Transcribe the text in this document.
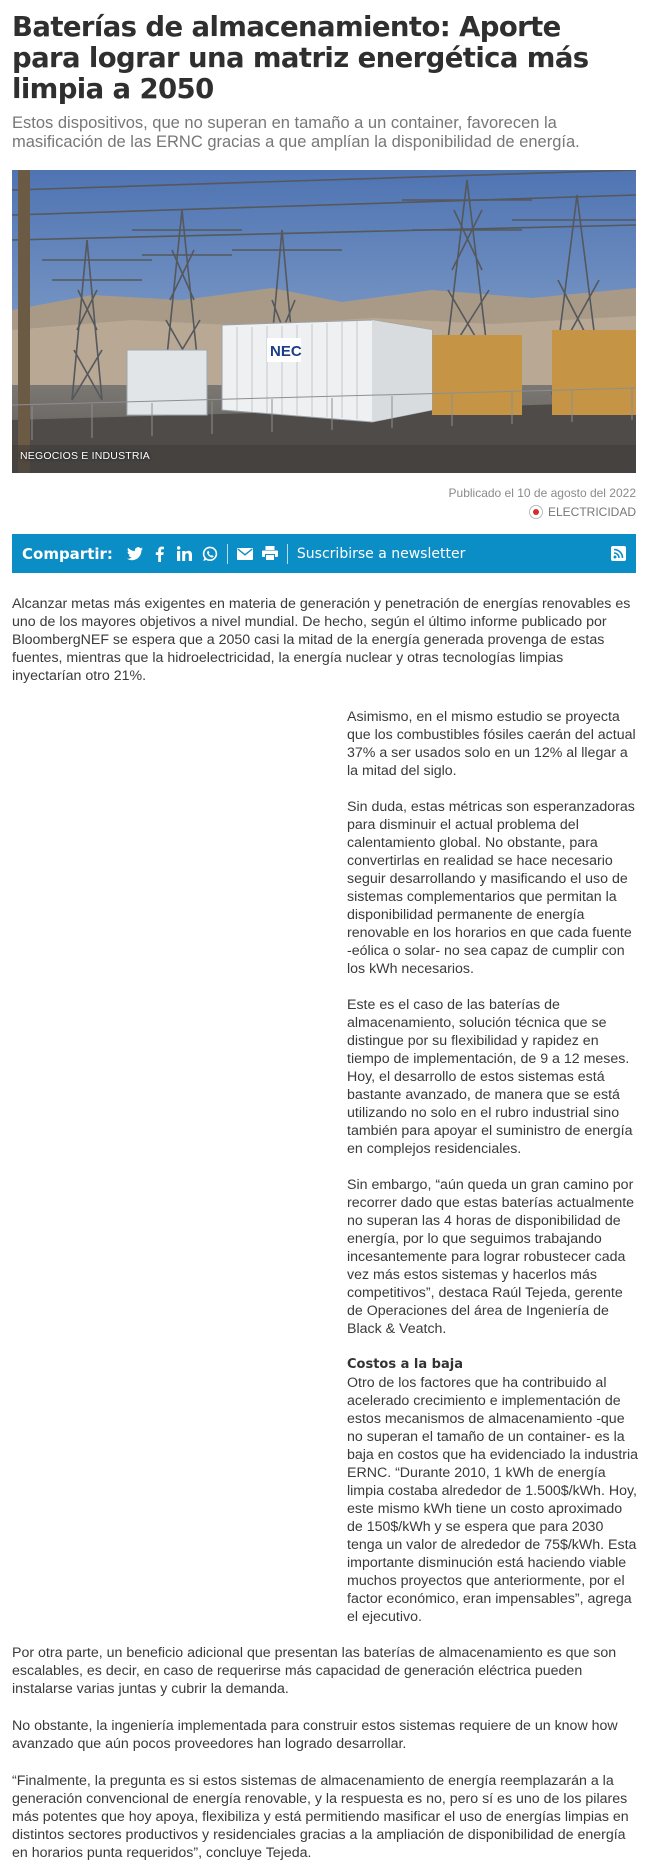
Baterías de almacenamiento: Aporte para lograr una matriz energética más limpia a 2050

Estos dispositivos, que no superan en tamaño a un container, favorecen la masificación de las ERNC gracias a que amplían la disponibilidad de energía.

NEC
NEGOCIOS E INDUSTRIA
Publicado el 10 de agosto del 2022
ELECTRICIDAD
Compartir:	Suscribirse a newsletter

Alcanzar metas más exigentes en materia de generación y penetración de energías renovables es uno de los mayores objetivos a nivel mundial. De hecho, según el último informe publicado por BloombergNEF se espera que a 2050 casi la mitad de la energía generada provenga de estas fuentes, mientras que la hidroelectricidad, la energía nuclear y otras tecnologías limpias inyectarían otro 21%.

Asimismo, en el mismo estudio se proyecta que los combustibles fósiles caerán del actual 37% a ser usados solo en un 12% al llegar a la mitad del siglo.

Sin duda, estas métricas son esperanzadoras para disminuir el actual problema del calentamiento global. No obstante, para convertirlas en realidad se hace necesario seguir desarrollando y masificando el uso de sistemas complementarios que permitan la disponibilidad permanente de energía renovable en los horarios en que cada fuente -eólica o solar- no sea capaz de cumplir con los kWh necesarios.

Este es el caso de las baterías de almacenamiento, solución técnica que se distingue por su flexibilidad y rapidez en tiempo de implementación, de 9 a 12 meses. Hoy, el desarrollo de estos sistemas está bastante avanzado, de manera que se está utilizando no solo en el rubro industrial sino también para apoyar el suministro de energía en complejos residenciales.

Sin embargo, “aún queda un gran camino por recorrer dado que estas baterías actualmente no superan las 4 horas de disponibilidad de energía, por lo que seguimos trabajando incesantemente para lograr robustecer cada vez más estos sistemas y hacerlos más competitivos”, destaca Raúl Tejeda, gerente de Operaciones del área de Ingeniería de Black & Veatch.

Costos a la baja
Otro de los factores que ha contribuido al acelerado crecimiento e implementación de estos mecanismos de almacenamiento -que no superan el tamaño de un container- es la baja en costos que ha evidenciado la industria ERNC. “Durante 2010, 1 kWh de energía limpia costaba alrededor de 1.500$/kWh. Hoy, este mismo kWh tiene un costo aproximado de 150$/kWh y se espera que para 2030 tenga un valor de alrededor de 75$/kWh. Esta importante disminución está haciendo viable muchos proyectos que anteriormente, por el factor económico, eran impensables”, agrega el ejecutivo.

Por otra parte, un beneficio adicional que presentan las baterías de almacenamiento es que son escalables, es decir, en caso de requerirse más capacidad de generación eléctrica pueden instalarse varias juntas y cubrir la demanda.

No obstante, la ingeniería implementada para construir estos sistemas requiere de un know how avanzado que aún pocos proveedores han logrado desarrollar.

“Finalmente, la pregunta es si estos sistemas de almacenamiento de energía reemplazarán a la generación convencional de energía renovable, y la respuesta es no, pero sí es uno de los pilares más potentes que hoy apoya, flexibiliza y está permitiendo masificar el uso de energías limpias en distintos sectores productivos y residenciales gracias a la ampliación de disponibilidad de energía en horarios punta requeridos”, concluye Tejeda.
